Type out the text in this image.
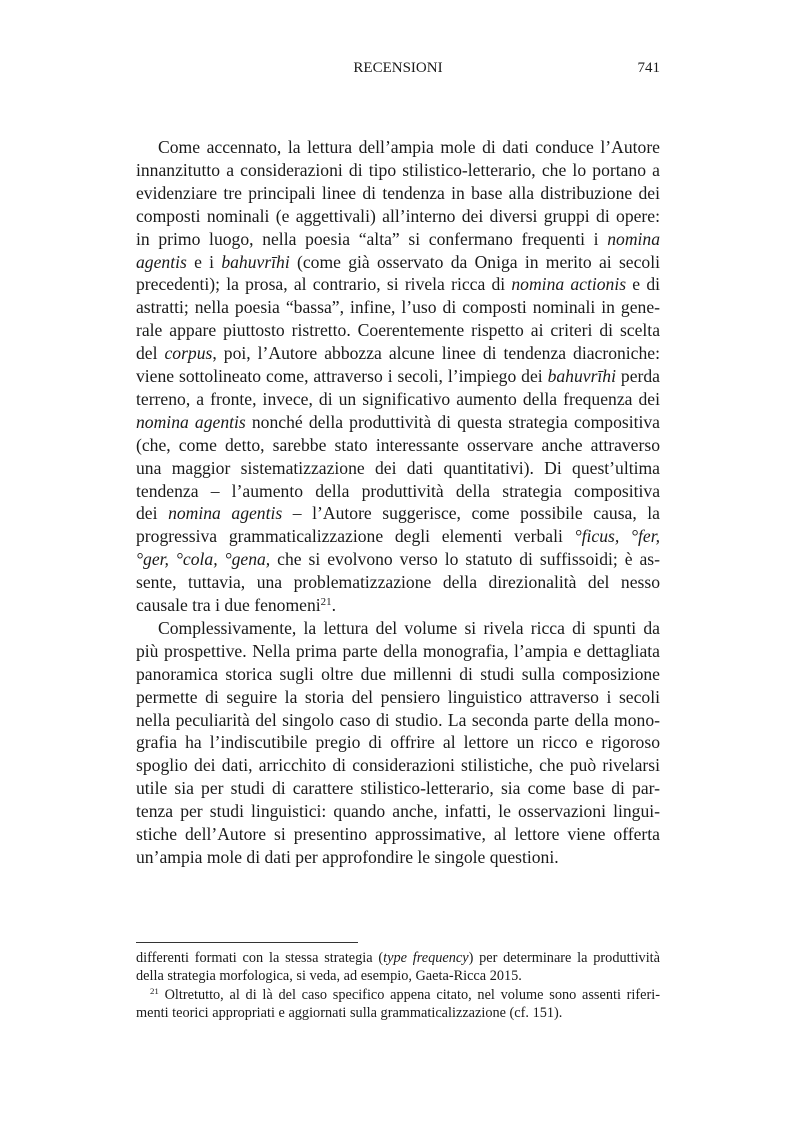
RECENSIONI	741
Come accennato, la lettura dell’ampia mole di dati conduce l’Autore
innanzitutto a considerazioni di tipo stilistico-letterario, che lo portano a
evidenziare tre principali linee di tendenza in base alla distribuzione dei
composti nominali (e aggettivali) all’interno dei diversi gruppi di opere:
in primo luogo, nella poesia “alta” si confermano frequenti i nomina
agentis e i bahuvrīhi (come già osservato da Oniga in merito ai secoli
precedenti); la prosa, al contrario, si rivela ricca di nomina actionis e di
astratti; nella poesia “bassa”, infine, l’uso di composti nominali in gene-
rale appare piuttosto ristretto. Coerentemente rispetto ai criteri di scelta
del corpus, poi, l’Autore abbozza alcune linee di tendenza diacroniche:
viene sottolineato come, attraverso i secoli, l’impiego dei bahuvrīhi perda
terreno, a fronte, invece, di un significativo aumento della frequenza dei
nomina agentis nonché della produttività di questa strategia compositiva
(che, come detto, sarebbe stato interessante osservare anche attraverso
una maggior sistematizzazione dei dati quantitativi). Di quest’ultima
tendenza – l’aumento della produttività della strategia compositiva
dei nomina agentis – l’Autore suggerisce, come possibile causa, la
progressiva grammaticalizzazione degli elementi verbali °ficus, °fer,
°ger, °cola, °gena, che si evolvono verso lo statuto di suffissoidi; è as-
sente, tuttavia, una problematizzazione della direzionalità del nesso
causale tra i due fenomeni$^{21}$.
Complessivamente, la lettura del volume si rivela ricca di spunti da
più prospettive. Nella prima parte della monografia, l’ampia e dettagliata
panoramica storica sugli oltre due millenni di studi sulla composizione
permette di seguire la storia del pensiero linguistico attraverso i secoli
nella peculiarità del singolo caso di studio. La seconda parte della mono-
grafia ha l’indiscutibile pregio di offrire al lettore un ricco e rigoroso
spoglio dei dati, arricchito di considerazioni stilistiche, che può rivelarsi
utile sia per studi di carattere stilistico-letterario, sia come base di par-
tenza per studi linguistici: quando anche, infatti, le osservazioni lingui-
stiche dell’Autore si presentino approssimative, al lettore viene offerta
un’ampia mole di dati per approfondire le singole questioni.
differenti formati con la stessa strategia (type frequency) per determinare la produttività
della strategia morfologica, si veda, ad esempio, Gaeta-Ricca 2015.
$^{21}$ Oltretutto, al di là del caso specifico appena citato, nel volume sono assenti riferi-
menti teorici appropriati e aggiornati sulla grammaticalizzazione (cf. 151).
